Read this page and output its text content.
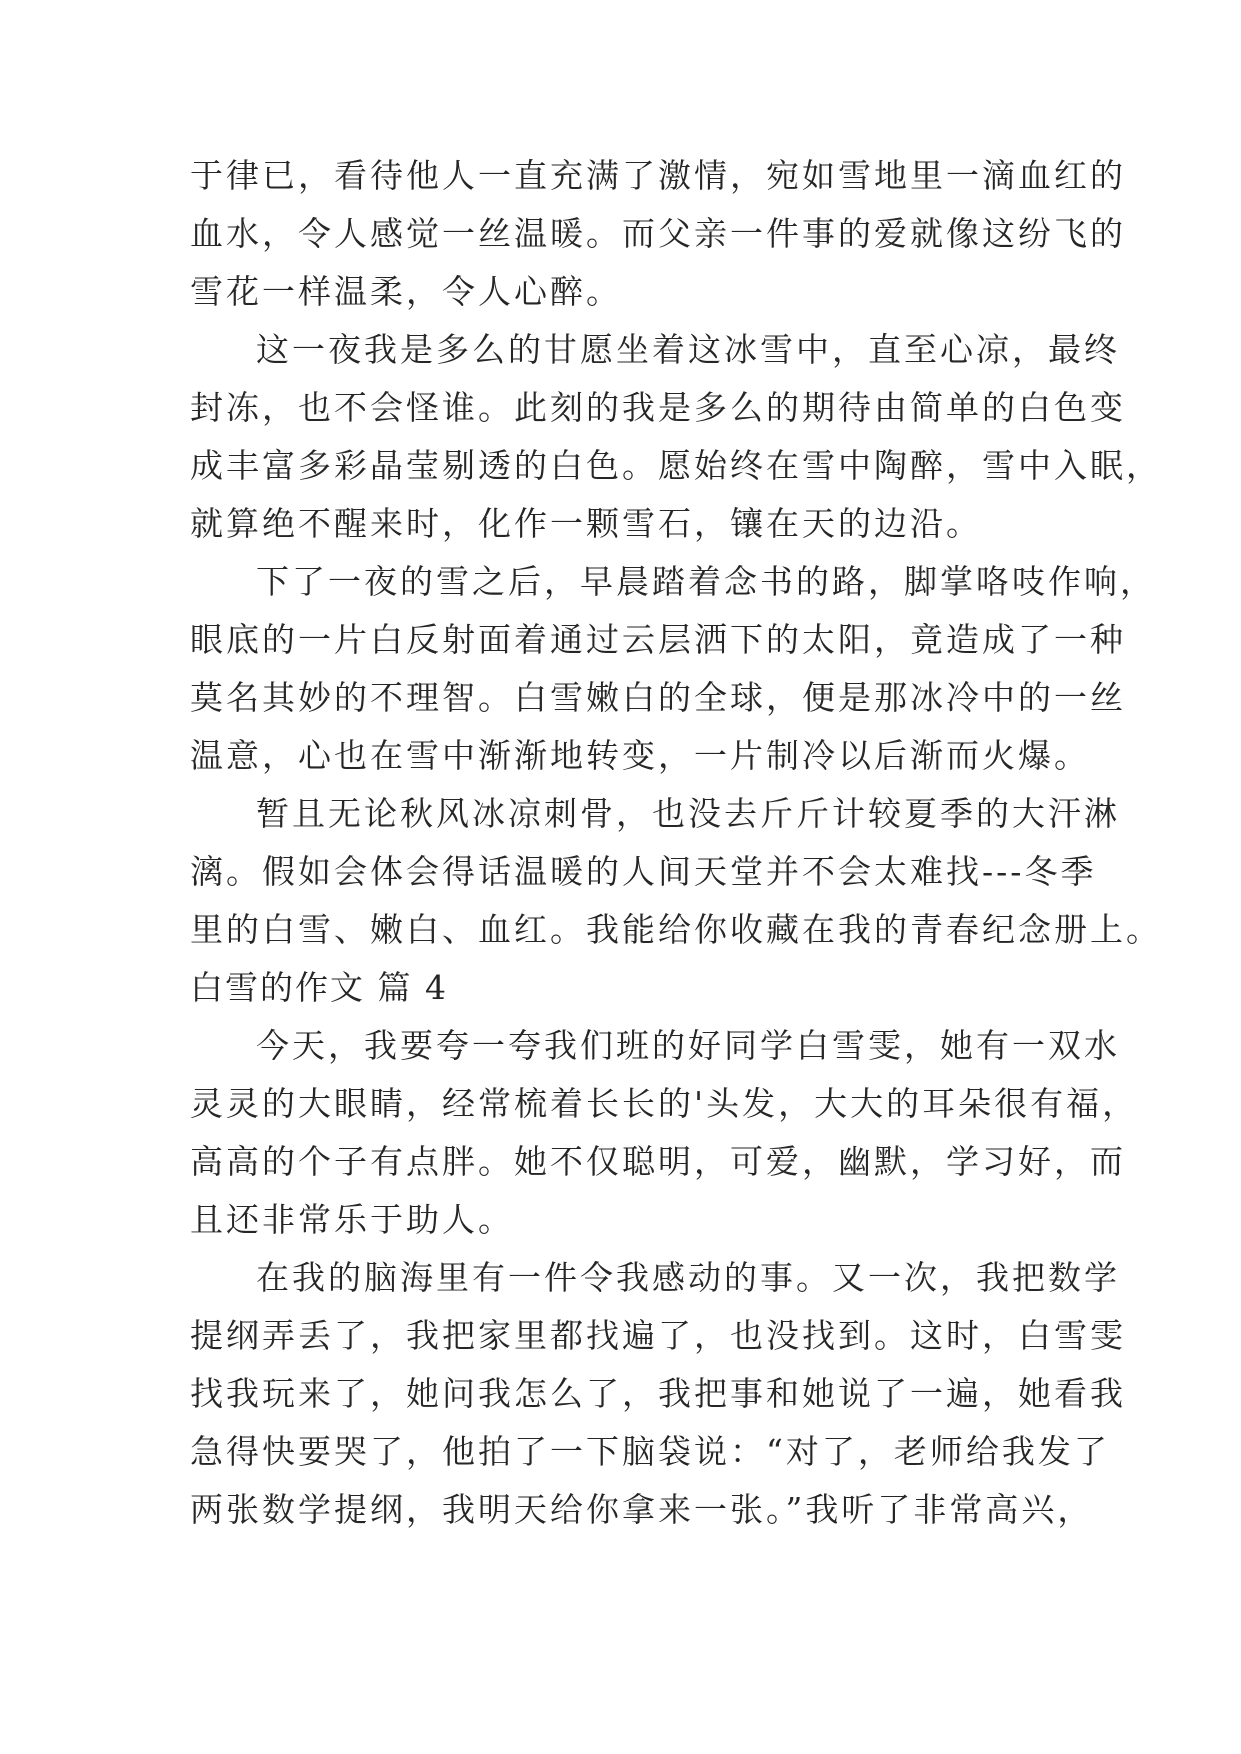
于律已，看待他人一直充满了激情，宛如雪地里一滴血红的
血水，令人感觉一丝温暖。而父亲一件事的爱就像这纷飞的
雪花一样温柔，令人心醉。
这一夜我是多么的甘愿坐着这冰雪中，直至心凉，最终
封冻，也不会怪谁。此刻的我是多么的期待由简单的白色变
成丰富多彩晶莹剔透的白色。愿始终在雪中陶醉，雪中入眠，
就算绝不醒来时，化作一颗雪石，镶在天的边沿。
下了一夜的雪之后，早晨踏着念书的路，脚掌咯吱作响，
眼底的一片白反射面着通过云层洒下的太阳，竟造成了一种
莫名其妙的不理智。白雪嫩白的全球，便是那冰冷中的一丝
温意，心也在雪中渐渐地转变，一片制冷以后渐而火爆。
暂且无论秋风冰凉刺骨，也没去斤斤计较夏季的大汗淋
漓。假如会体会得话温暖的人间天堂并不会太难找---冬季
里的白雪、嫩白、血红。我能给你收藏在我的青春纪念册上。
白雪的作文 篇 4
今天，我要夸一夸我们班的好同学白雪雯，她有一双水
灵灵的大眼睛，经常梳着长长的'头发，大大的耳朵很有福，
高高的个子有点胖。她不仅聪明，可爱，幽默，学习好，而
且还非常乐于助人。
在我的脑海里有一件令我感动的事。又一次，我把数学
提纲弄丢了，我把家里都找遍了，也没找到。这时，白雪雯
找我玩来了，她问我怎么了，我把事和她说了一遍，她看我
急得快要哭了，他拍了一下脑袋说：“对了，老师给我发了
两张数学提纲，我明天给你拿来一张。”我听了非常高兴，
